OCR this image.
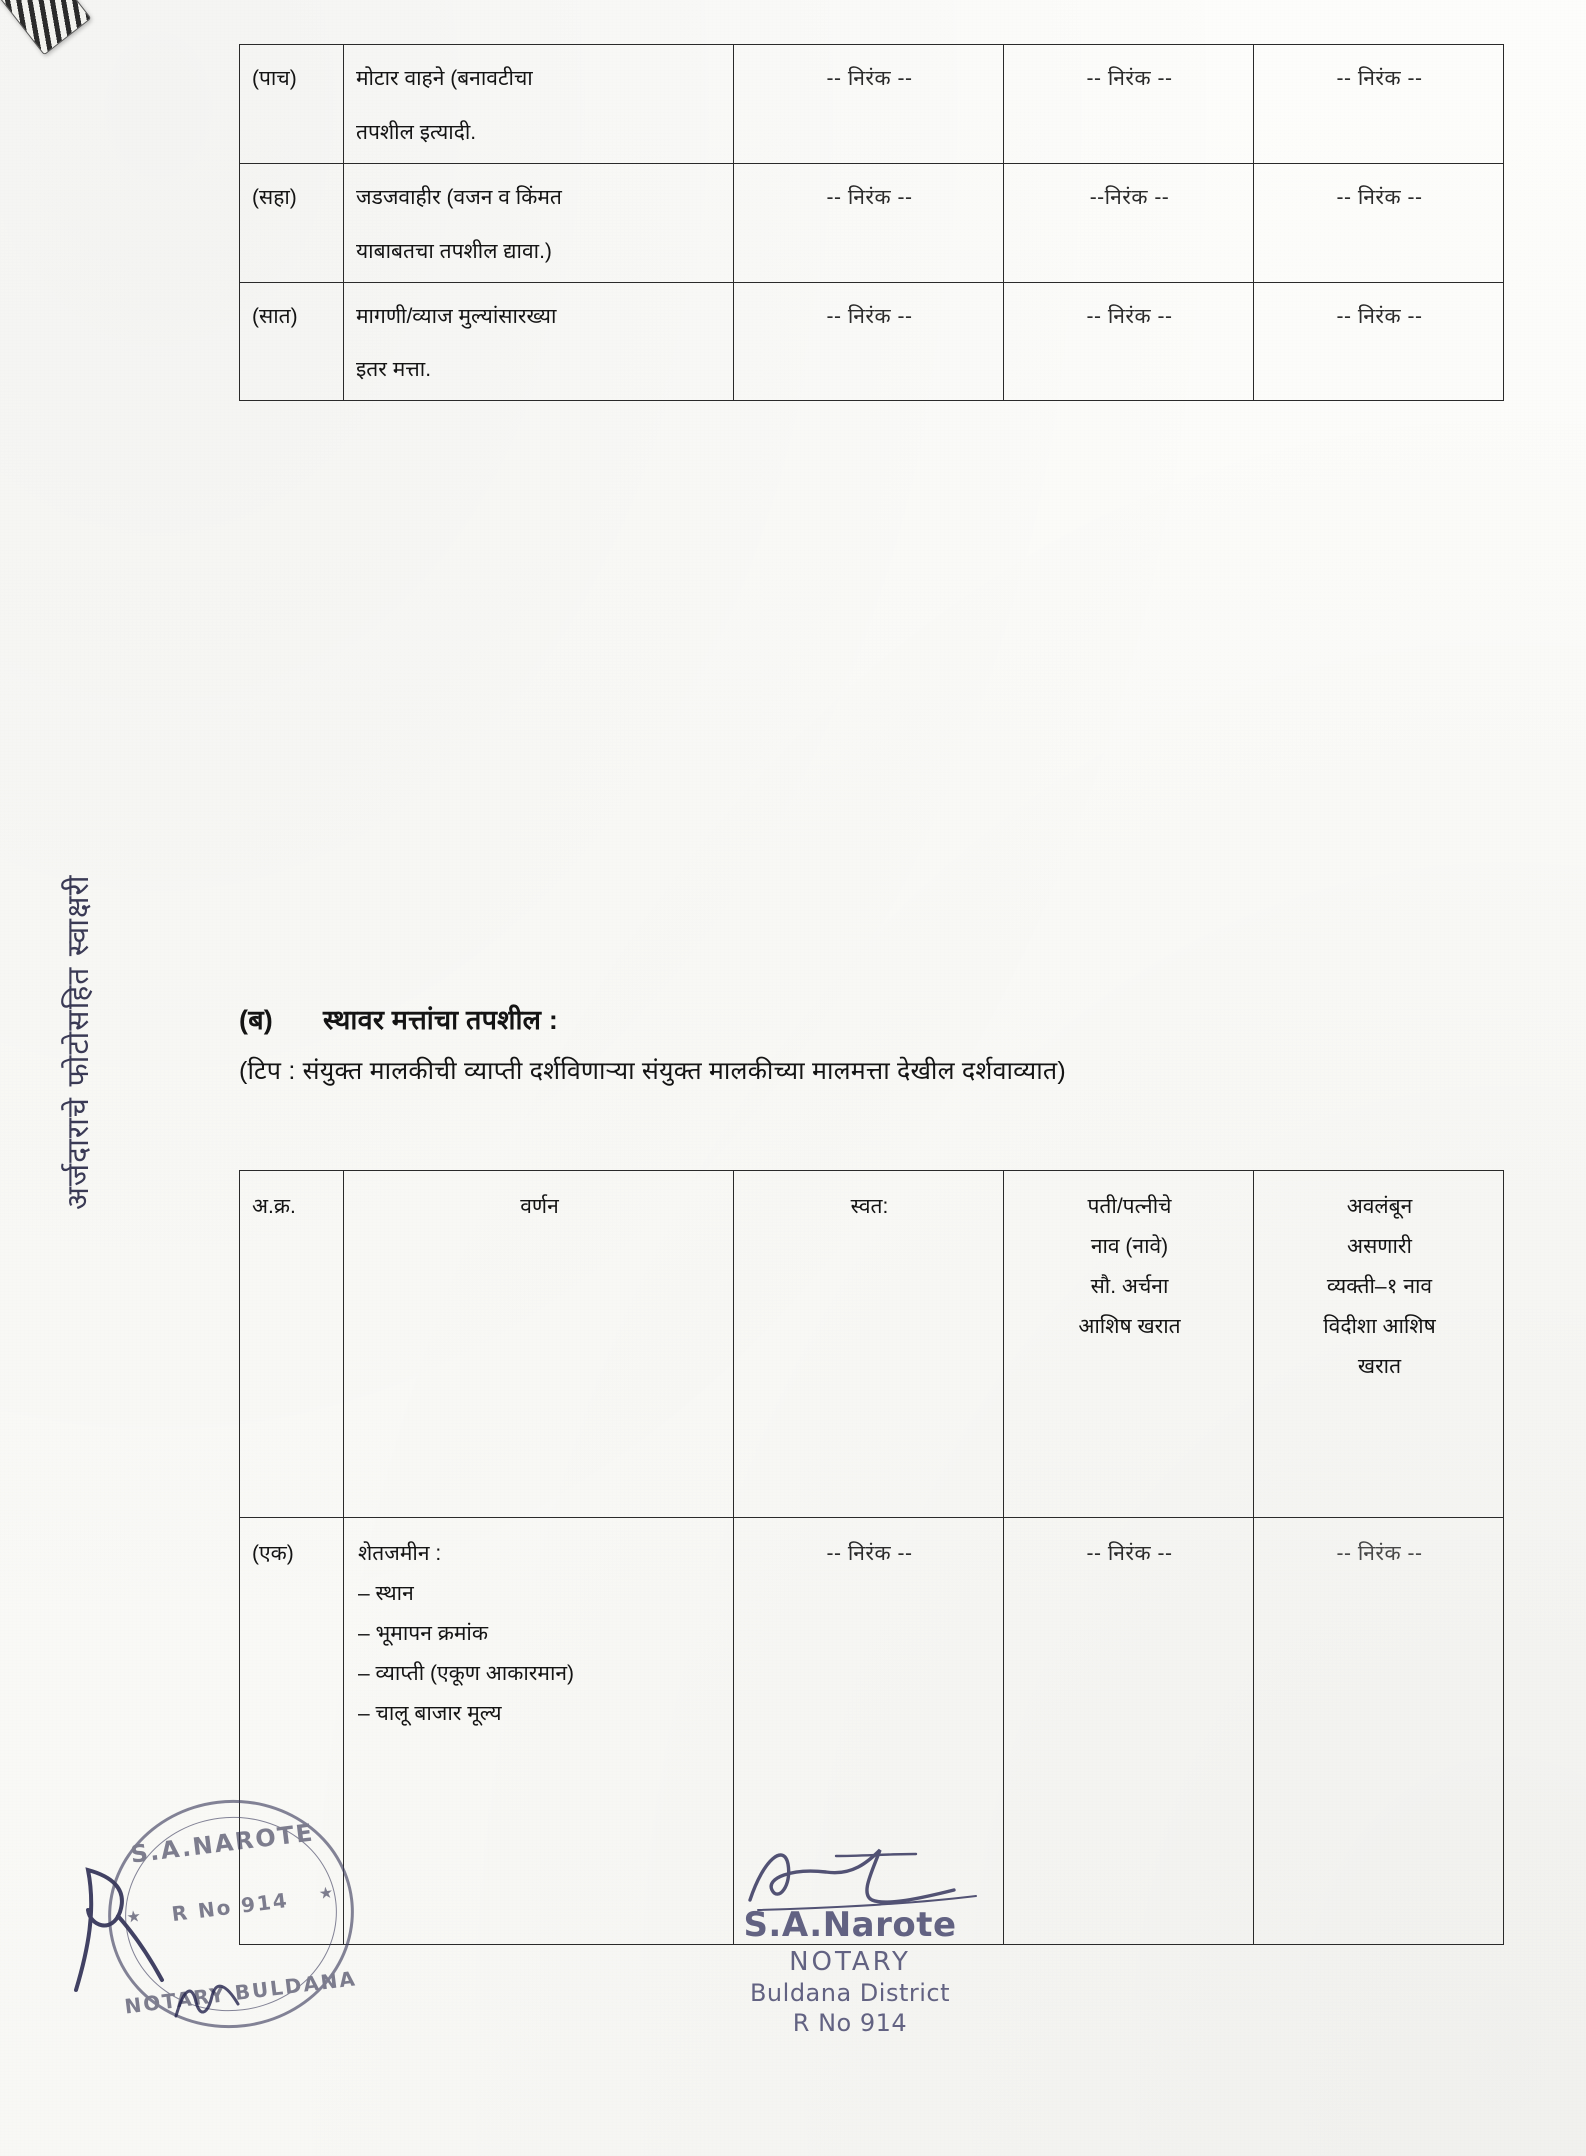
(पाच)	मोटार वाहने (बनावटीचा
तपशील इत्यादी.	-- निरंक --	-- निरंक --	-- निरंक --
(सहा)	जडजवाहीर (वजन व किंमत
याबाबतचा तपशील द्यावा.)	-- निरंक --	--निरंक --	-- निरंक --
(सात)	मागणी/व्याज मुल्यांसारख्या
इतर मत्ता.	-- निरंक --	-- निरंक --	-- निरंक --
(ब) स्थावर मत्तांचा तपशील :
(टिप : संयुक्त मालकीची व्याप्ती दर्शविणाऱ्या संयुक्त मालकीच्या मालमत्ता देखील दर्शवाव्यात)
अ.क्र.	वर्णन	स्वत:	पती/पत्नीचे
नाव (नावे)
सौ. अर्चना
आशिष खरात	अवलंबून
असणारी
व्यक्ती–१ नाव
विदीशा आशिष
खरात

(एक)	शेतजमीन :
– स्थान
– भूमापन क्रमांक
– व्याप्ती (एकूण आकारमान)
– चालू बाजार मूल्य	-- निरंक --	-- निरंक --	-- निरंक --
अर्जदाराचे फोटोसहित स्वाक्षरी
S.A.NAROTE
★
★
R No 914
NOTARY BULDANA
S.A.Narote
NOTARY
Buldana District
R No 914
